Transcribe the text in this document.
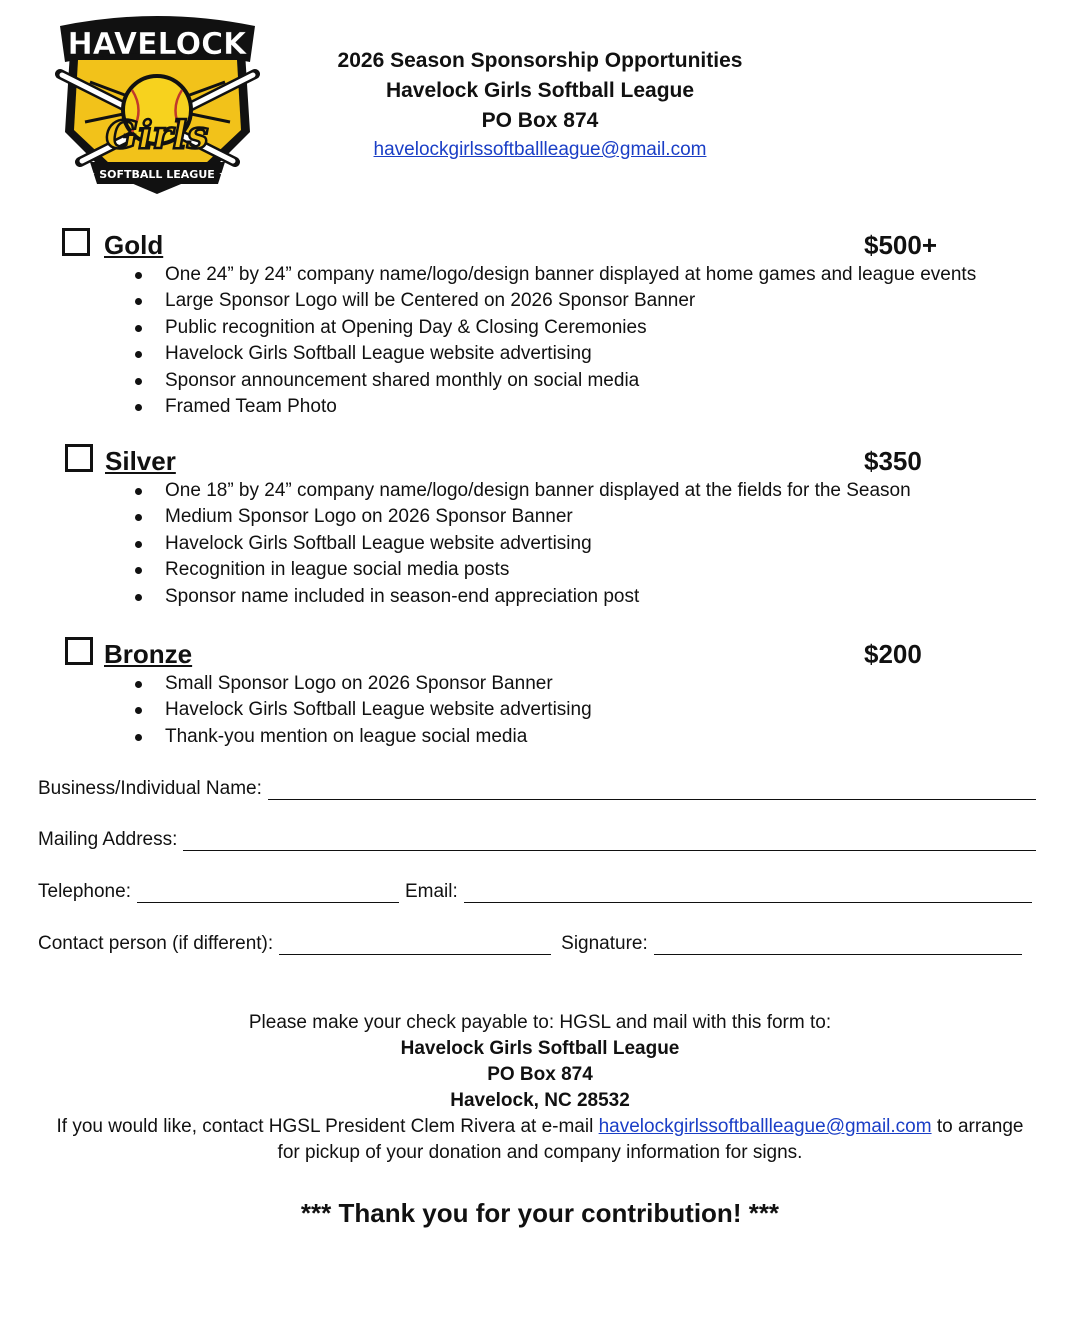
HAVELOCK
Girls
★ SOFTBALL LEAGUE ★
2026 Season Sponsorship Opportunities
Havelock Girls Softball League
PO Box 874
havelockgirlssoftballleague@gmail.com
Gold	$500+
One 24” by 24” company name/logo/design banner displayed at home games and league events
Large Sponsor Logo will be Centered on 2026 Sponsor Banner
Public recognition at Opening Day & Closing Ceremonies
Havelock Girls Softball League website advertising
Sponsor announcement shared monthly on social media
Framed Team Photo
Silver	$350
One 18” by 24” company name/logo/design banner displayed at the fields for the Season
Medium Sponsor Logo on 2026 Sponsor Banner
Havelock Girls Softball League website advertising
Recognition in league social media posts
Sponsor name included in season-end appreciation post
Bronze	$200
Small Sponsor Logo on 2026 Sponsor Banner
Havelock Girls Softball League website advertising
Thank-you mention on league social media
Business/Individual Name:
Mailing Address:
Telephone:	Email:
Contact person (if different):	Signature:
Please make your check payable to: HGSL and mail with this form to:
Havelock Girls Softball League
PO Box 874
Havelock, NC 28532
If you would like, contact HGSL President Clem Rivera at e-mail havelockgirlssoftballleague@gmail.com to arrange
for pickup of your donation and company information for signs.
*** Thank you for your contribution! ***
